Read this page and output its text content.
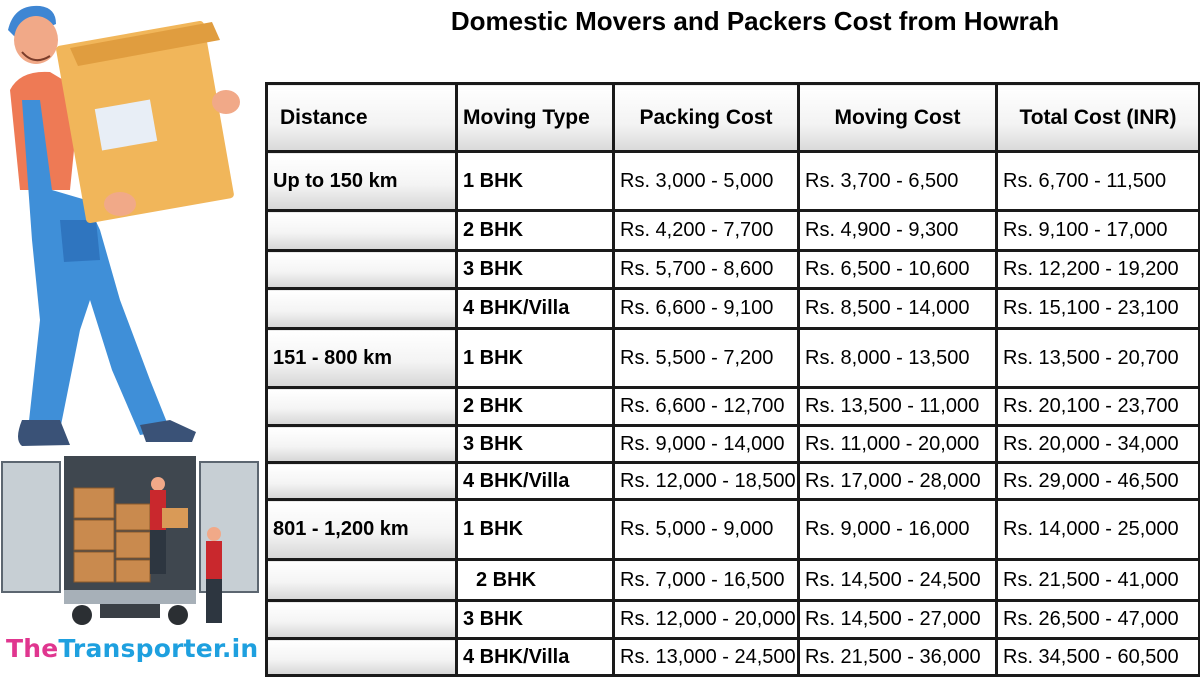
TheTransporter.in
Domestic Movers and Packers Cost from Howrah
Distance	Moving Type	Packing Cost	Moving Cost	Total Cost (INR)
Up to 150 km	1 BHK	Rs. 3,000 - 5,000	Rs. 3,700 - 6,500	Rs. 6,700 - 11,500
	2 BHK	Rs. 4,200 - 7,700	Rs. 4,900 - 9,300	Rs. 9,100 - 17,000
	3 BHK	Rs. 5,700 - 8,600	Rs. 6,500 - 10,600	Rs. 12,200 - 19,200
	4 BHK/Villa	Rs. 6,600 - 9,100	Rs. 8,500 - 14,000	Rs. 15,100 - 23,100
151 - 800 km	1 BHK	Rs. 5,500 - 7,200	Rs. 8,000 - 13,500	Rs. 13,500 - 20,700
	2 BHK	Rs. 6,600 - 12,700	Rs. 13,500 - 11,000	Rs. 20,100 - 23,700
	3 BHK	Rs. 9,000 - 14,000	Rs. 11,000 - 20,000	Rs. 20,000 - 34,000
	4 BHK/Villa	Rs. 12,000 - 18,500	Rs. 17,000 - 28,000	Rs. 29,000 - 46,500
801 - 1,200 km	1 BHK	Rs. 5,000 - 9,000	Rs. 9,000 - 16,000	Rs. 14,000 - 25,000
	2 BHK	Rs. 7,000 - 16,500	Rs. 14,500 - 24,500	Rs. 21,500 - 41,000
	3 BHK	Rs. 12,000 - 20,000	Rs. 14,500 - 27,000	Rs. 26,500 - 47,000
	4 BHK/Villa	Rs. 13,000 - 24,500	Rs. 21,500 - 36,000	Rs. 34,500 - 60,500
